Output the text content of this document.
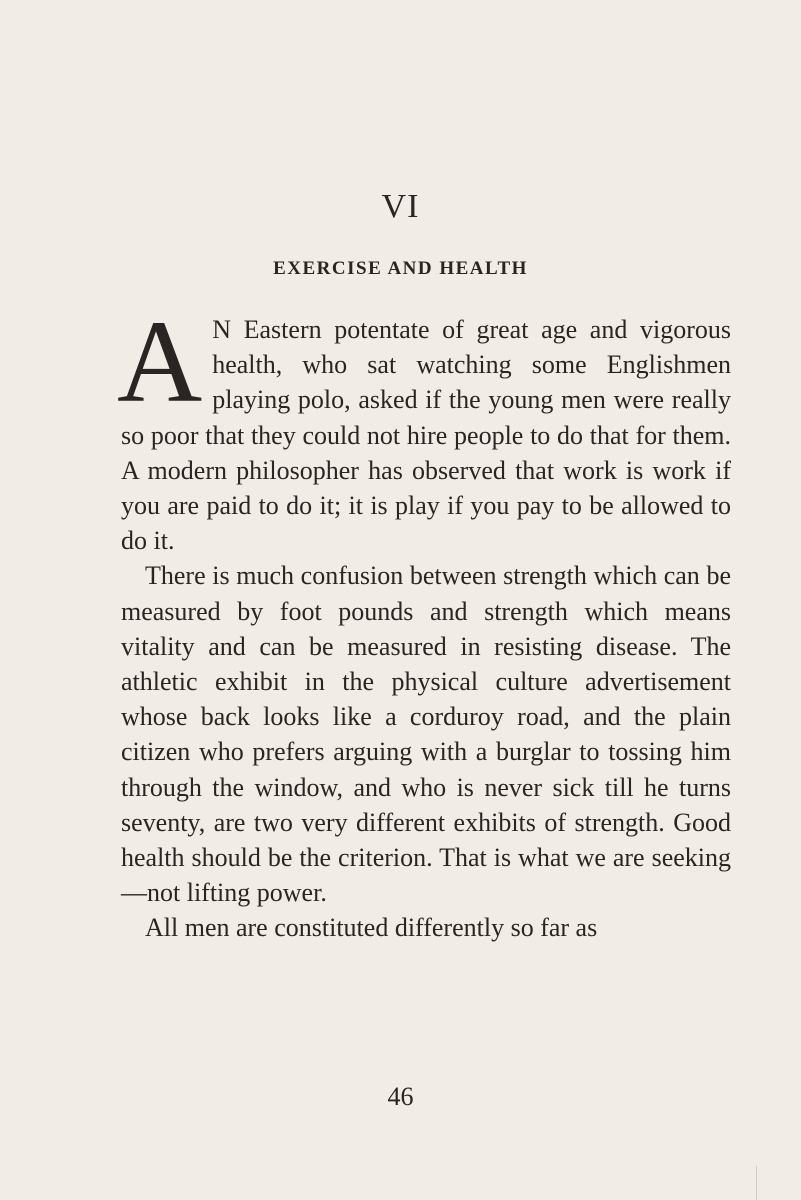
VI
EXERCISE AND HEALTH

A N Eastern potentate of great age and vigorous health, who sat watching some Englishmen playing polo, asked if the young men were really so poor that they could not hire people to do that for them. A modern philosopher has observed that work is work if you are paid to do it; it is play if you pay to be allowed to do it.

There is much confusion between strength which can be measured by foot pounds and strength which means vitality and can be measured in resisting disease. The athletic exhibit in the physical culture advertisement whose back looks like a corduroy road, and the plain citizen who prefers arguing with a burglar to tossing him through the window, and who is never sick till he turns seventy, are two very different exhibits of strength. Good health should be the criterion. That is what we are seeking—not lifting power.

All men are constituted differently so far as

46
